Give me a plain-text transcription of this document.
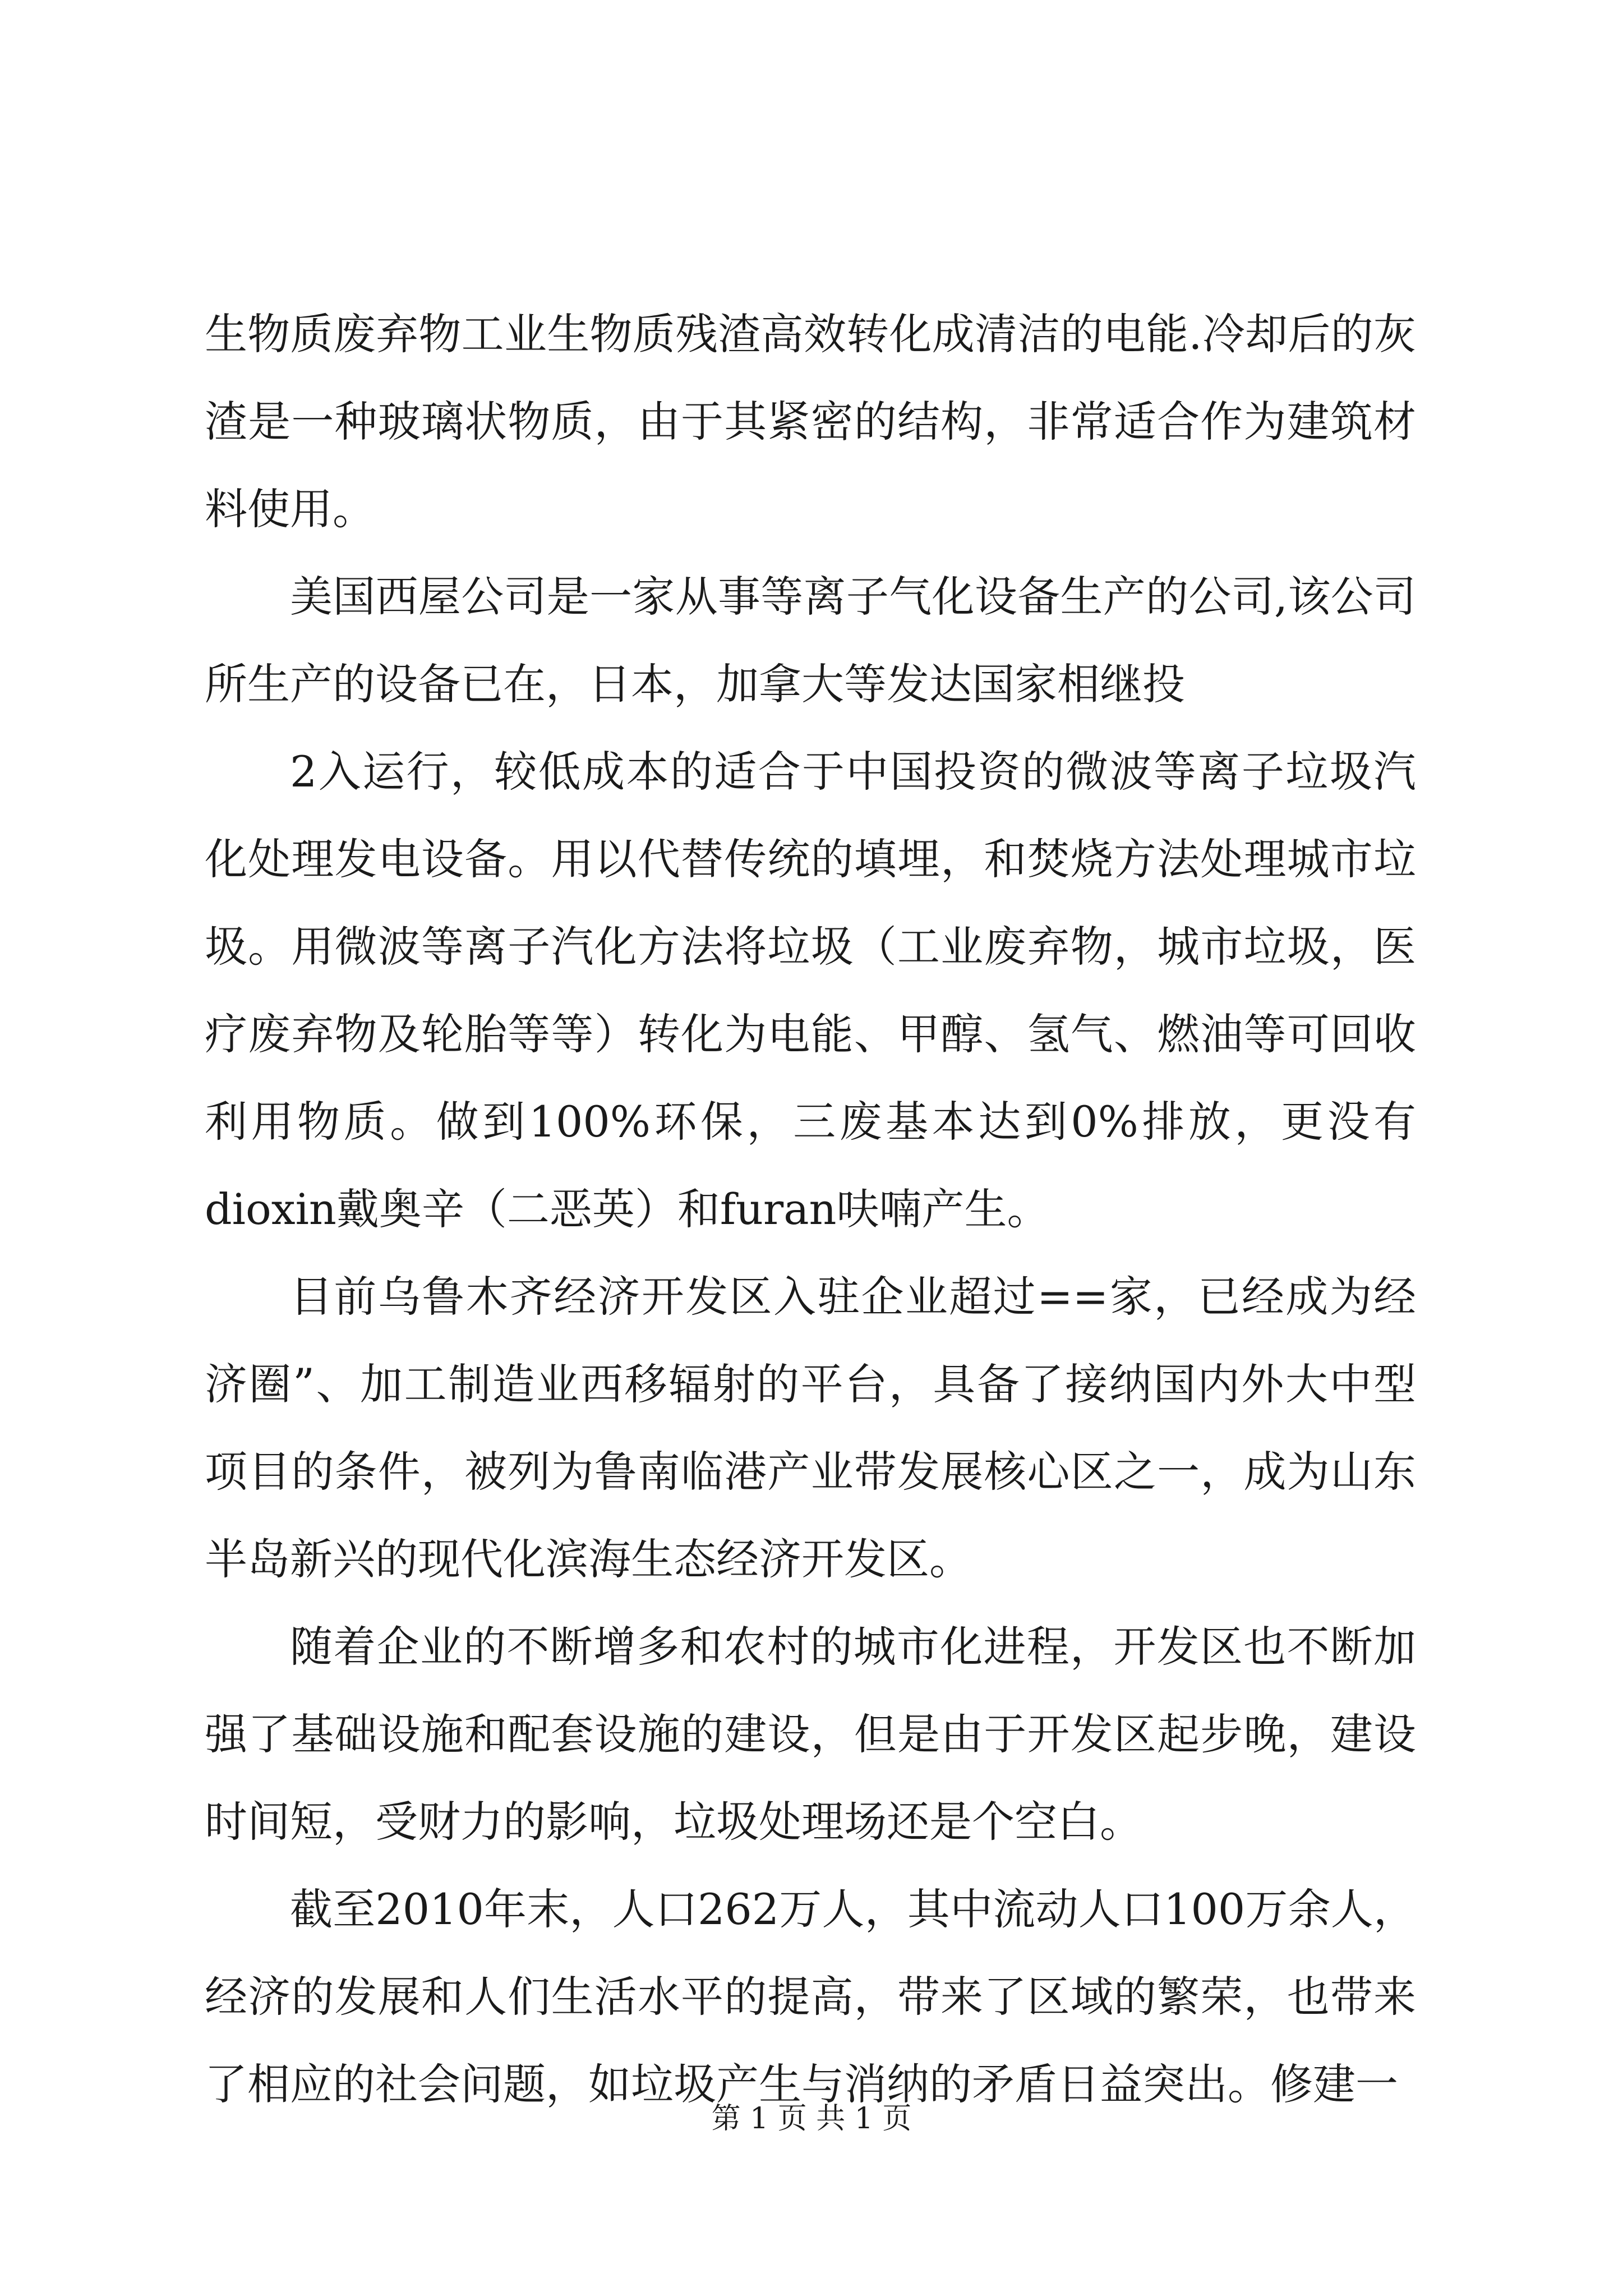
生物质废弃物工业生物质残渣高效转化成清洁的电能.冷却后的灰渣是一种玻璃状物质，由于其紧密的结构，非常适合作为建筑材料使用。

美国西屋公司是一家从事等离子气化设备生产的公司,该公司所生产的设备已在，日本，加拿大等发达国家相继投

2入运行，较低成本的适合于中国投资的微波等离子垃圾汽化处理发电设备。用以代替传统的填埋，和焚烧方法处理城市垃圾。用微波等离子汽化方法将垃圾（工业废弃物，城市垃圾，医疗废弃物及轮胎等等）转化为电能、甲醇、氢气、燃油等可回收利用物质。做到100%环保，三废基本达到0%排放，更没有dioxin戴奥辛（二恶英）和furan呋喃产生。

目前乌鲁木齐经济开发区入驻企业超过==家，已经成为经济圈”、加工制造业西移辐射的平台，具备了接纳国内外大中型项目的条件，被列为鲁南临港产业带发展核心区之一，成为山东半岛新兴的现代化滨海生态经济开发区。

随着企业的不断增多和农村的城市化进程，开发区也不断加强了基础设施和配套设施的建设，但是由于开发区起步晚，建设时间短，受财力的影响，垃圾处理场还是个空白。

截至2010年末，人口262万人，其中流动人口100万余人，经济的发展和人们生活水平的提高，带来了区域的繁荣，也带来了相应的社会问题，如垃圾产生与消纳的矛盾日益突出。修建一

第 1 页 共 1 页
